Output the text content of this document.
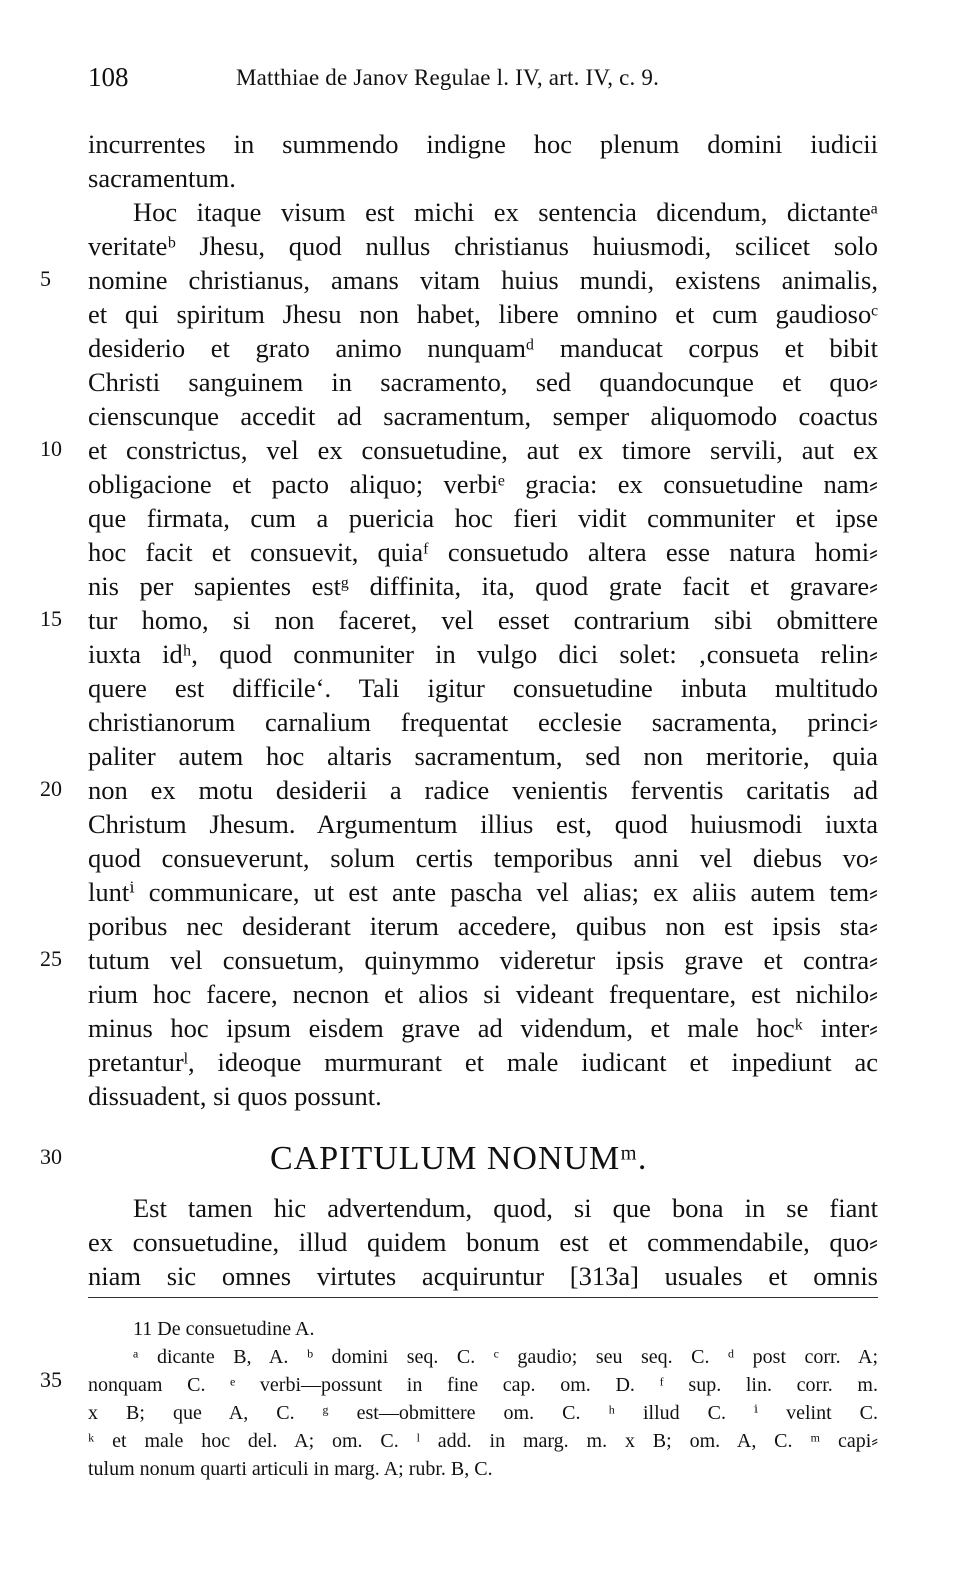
108	Matthiae de Janov Regulae l. IV, art. IV, c. 9.
incurrentes in summendo indigne hoc plenum domini iudicii
sacramentum.
Hoc itaque visum est michi ex sentencia dicendum, dictanteᵃ
veritateᵇ Jhesu, quod nullus christianus huiusmodi, scilicet solo
nomine christianus, amans vitam huius mundi, existens animalis,
et qui spiritum Jhesu non habet, libere omnino et cum gaudiosoᶜ
desiderio et grato animo nunquamᵈ manducat corpus et bibit
Christi sanguinem in sacramento, sed quandocunque et quo⸗
cienscunque accedit ad sacramentum, semper aliquomodo coactus
et constrictus, vel ex consuetudine, aut ex timore servili, aut ex
obligacione et pacto aliquo; verbiᵉ gracia: ex consuetudine nam⸗
que firmata, cum a puericia hoc fieri vidit communiter et ipse
hoc facit et consuevit, quiaᶠ consuetudo altera esse natura homi⸗
nis per sapientes estᵍ diffinita, ita, quod grate facit et gravare⸗
tur homo, si non faceret, vel esset contrarium sibi obmittere
iuxta idʰ, quod conmuniter in vulgo dici solet: ‚consueta relin⸗
quere est difficile‘. Tali igitur consuetudine inbuta multitudo
christianorum carnalium frequentat ecclesie sacramenta, princi⸗
paliter autem hoc altaris sacramentum, sed non meritorie, quia
non ex motu desiderii a radice venientis ferventis caritatis ad
Christum Jhesum. Argumentum illius est, quod huiusmodi iuxta
quod consueverunt, solum certis temporibus anni vel diebus vo⸗
luntⁱ communicare, ut est ante pascha vel alias; ex aliis autem tem⸗
poribus nec desiderant iterum accedere, quibus non est ipsis sta⸗
tutum vel consuetum, quinymmo videretur ipsis grave et contra⸗
rium hoc facere, necnon et alios si videant frequentare, est nichilo⸗
minus hoc ipsum eisdem grave ad videndum, et male hocᵏ inter⸗
pretanturˡ, ideoque murmurant et male iudicant et inpediunt ac
dissuadent, si quos possunt.
5
10
15
20
25
30
35
CAPITULUM NONUMᵐ.
Est tamen hic advertendum, quod, si que bona in se fiant
ex consuetudine, illud quidem bonum est et commendabile, quo⸗
niam sic omnes virtutes acquiruntur [313a] usuales et omnis
11 De consuetudine A.
ᵃ dicante B, A. ᵇ domini seq. C. ᶜ gaudio; seu seq. C. ᵈ post corr. A;
nonquam C. ᵉ verbi—possunt in fine cap. om. D. ᶠ sup. lin. corr. m.
x B; que A, C. ᵍ est—obmittere om. C. ʰ illud C. ⁱ velint C.
ᵏ et male hoc del. A; om. C. ˡ add. in marg. m. x B; om. A, C. ᵐ capi⸗
tulum nonum quarti articuli in marg. A; rubr. B, C.
